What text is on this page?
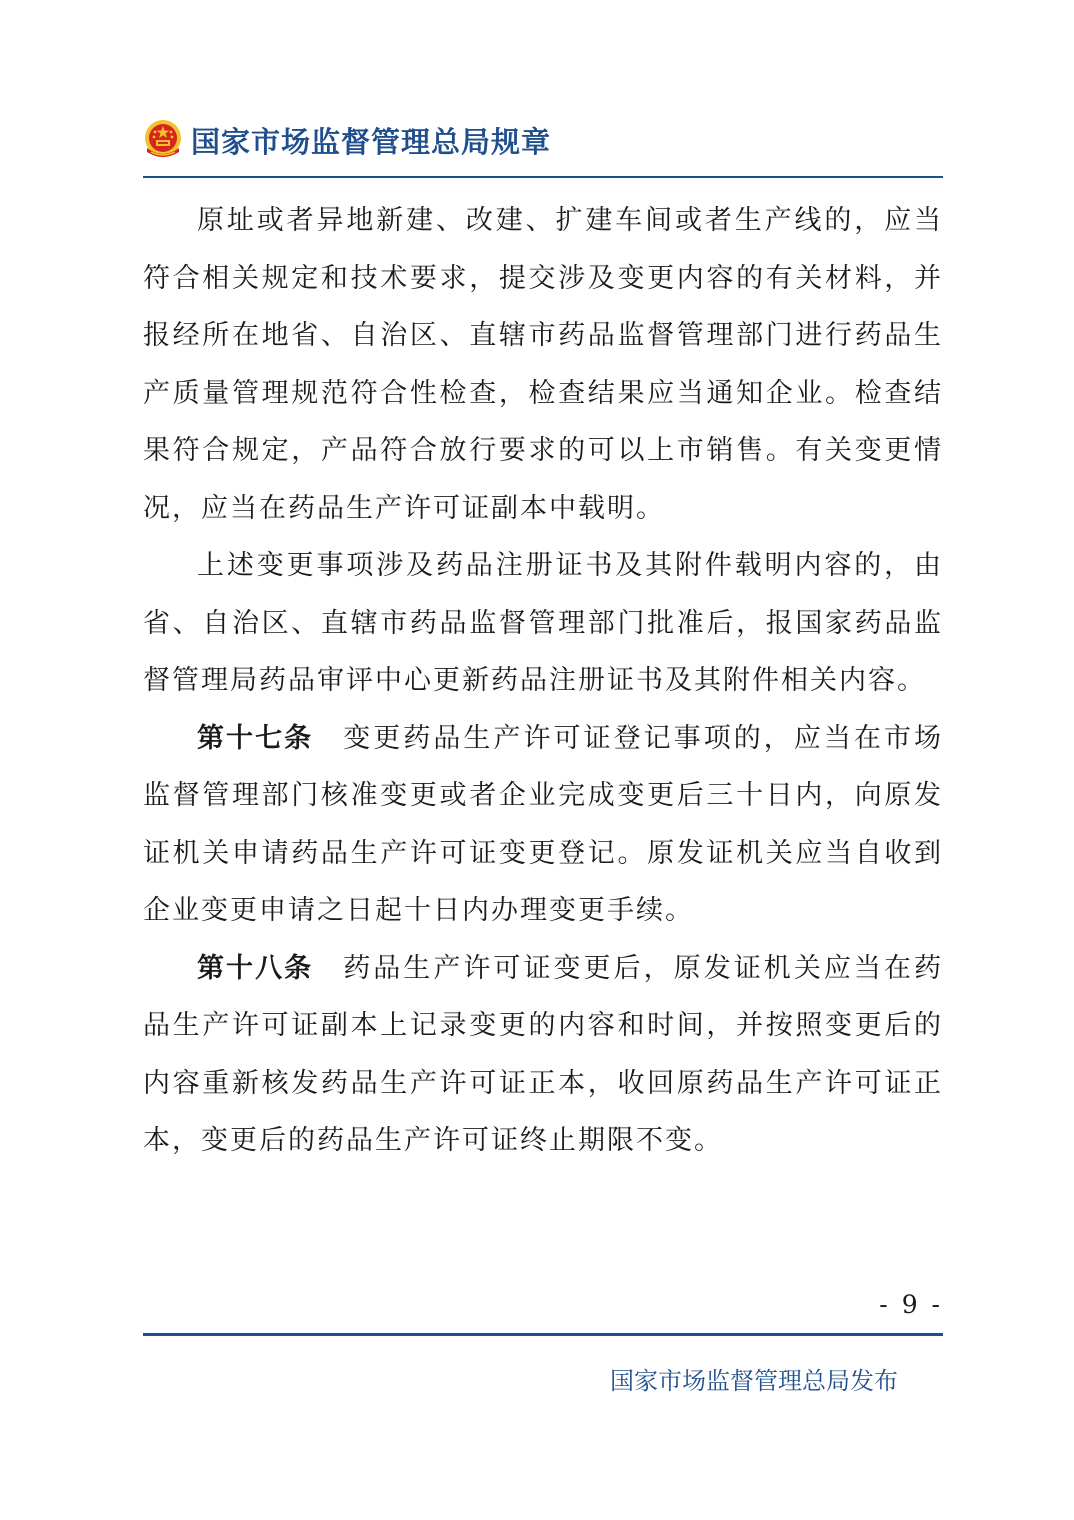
国家市场监督管理总局规章

原址或者异地新建、改建、扩建车间或者生产线的，应当符合相关规定和技术要求，提交涉及变更内容的有关材料，并报经所在地省、自治区、直辖市药品监督管理部门进行药品生产质量管理规范符合性检查，检查结果应当通知企业。检查结果符合规定，产品符合放行要求的可以上市销售。有关变更情况，应当在药品生产许可证副本中载明。

上述变更事项涉及药品注册证书及其附件载明内容的，由省、自治区、直辖市药品监督管理部门批准后，报国家药品监督管理局药品审评中心更新药品注册证书及其附件相关内容。

第十七条 变更药品生产许可证登记事项的，应当在市场监督管理部门核准变更或者企业完成变更后三十日内，向原发证机关申请药品生产许可证变更登记。原发证机关应当自收到企业变更申请之日起十日内办理变更手续。

第十八条 药品生产许可证变更后，原发证机关应当在药品生产许可证副本上记录变更的内容和时间，并按照变更后的内容重新核发药品生产许可证正本，收回原药品生产许可证正本，变更后的药品生产许可证终止期限不变。

- 9 -
国家市场监督管理总局发布
